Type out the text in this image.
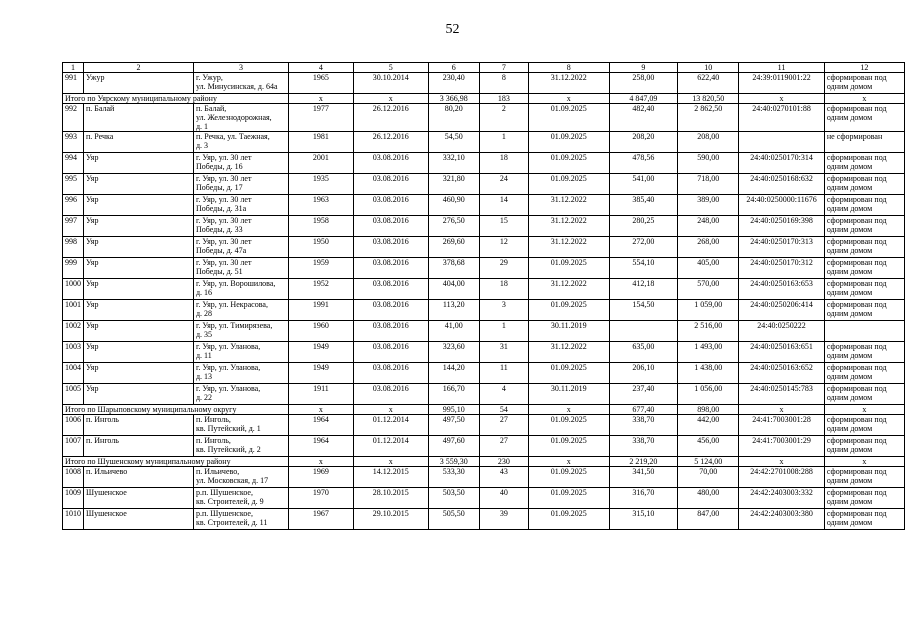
52
1	2	3	4	5	6	7	8	9	10	11	12
991	Ужур	г. Ужур,
ул. Минусинская, д. 64а	1965	30.10.2014	230,40	8	31.12.2022	258,00	622,40	24:39:0119001:22	сформирован под
одним домом
Итого по Уярскому муниципальному району			x	x	3 366,98	183	x	4 847,09	13 820,50	x	x
992	п. Балай	п. Балай,
ул. Железнодорожная,
д. 1	1977	26.12.2016	80,20	2	01.09.2025	482,40	2 862,50	24:40:0270101:88	сформирован под
одним домом
993	п. Речка	п. Речка, ул. Таежная,
д. 3	1981	26.12.2016	54,50	1	01.09.2025	208,20	208,00		не сформирован
994	Уяр	г. Уяр, ул. 30 лет
Победы, д. 16	2001	03.08.2016	332,10	18	01.09.2025	478,56	590,00	24:40:0250170:314	сформирован под
одним домом
995	Уяр	г. Уяр, ул. 30 лет
Победы, д. 17	1935	03.08.2016	321,80	24	01.09.2025	541,00	718,00	24:40:0250168:632	сформирован под
одним домом
996	Уяр	г. Уяр, ул. 30 лет
Победы, д. 31а	1963	03.08.2016	460,90	14	31.12.2022	385,40	389,00	24:40:0250000:11676	сформирован под
одним домом
997	Уяр	г. Уяр, ул. 30 лет
Победы, д. 33	1958	03.08.2016	276,50	15	31.12.2022	280,25	248,00	24:40:0250169:398	сформирован под
одним домом
998	Уяр	г. Уяр, ул. 30 лет
Победы, д. 47а	1950	03.08.2016	269,60	12	31.12.2022	272,00	268,00	24:40:0250170:313	сформирован под
одним домом
999	Уяр	г. Уяр, ул. 30 лет
Победы, д. 51	1959	03.08.2016	378,68	29	01.09.2025	554,10	405,00	24:40:0250170:312	сформирован под
одним домом
1000	Уяр	г. Уяр, ул. Ворошилова,
д. 16	1952	03.08.2016	404,00	18	31.12.2022	412,18	570,00	24:40:0250163:653	сформирован под
одним домом
1001	Уяр	г. Уяр, ул. Некрасова,
д. 28	1991	03.08.2016	113,20	3	01.09.2025	154,50	1 059,00	24:40:0250206:414	сформирован под
одним домом
1002	Уяр	г. Уяр, ул. Тимирязева,
д. 35	1960	03.08.2016	41,00	1	30.11.2019		2 516,00	24:40:0250222	
1003	Уяр	г. Уяр, ул. Уланова,
д. 11	1949	03.08.2016	323,60	31	31.12.2022	635,00	1 493,00	24:40:0250163:651	сформирован под
одним домом
1004	Уяр	г. Уяр, ул. Уланова,
д. 13	1949	03.08.2016	144,20	11	01.09.2025	206,10	1 438,00	24:40:0250163:652	сформирован под
одним домом
1005	Уяр	г. Уяр, ул. Уланова,
д. 22	1911	03.08.2016	166,70	4	30.11.2019	237,40	1 056,00	24:40:0250145:783	сформирован под
одним домом
Итого по Шарыповскому муниципальному округу			x	x	995,10	54	x	677,40	898,00	x	x
1006	п. Инголь	п. Инголь,
кв. Путейский, д. 1	1964	01.12.2014	497,50	27	01.09.2025	338,70	442,00	24:41:7003001:28	сформирован под
одним домом
1007	п. Инголь	п. Инголь,
кв. Путейский, д. 2	1964	01.12.2014	497,60	27	01.09.2025	338,70	456,00	24:41:7003001:29	сформирован под
одним домом
Итого по Шушенскому муниципальному району			x	x	3 559,30	230	x	2 219,20	5 124,00	x	x
1008	п. Ильичево	п. Ильичево,
ул. Московская, д. 17	1969	14.12.2015	533,30	43	01.09.2025	341,50	70,00	24:42:2701008:288	сформирован под
одним домом
1009	Шушенское	р.п. Шушенское,
кв. Строителей, д. 9	1970	28.10.2015	503,50	40	01.09.2025	316,70	480,00	24:42:2403003:332	сформирован под
одним домом
1010	Шушенское	р.п. Шушенское,
кв. Строителей, д. 11	1967	29.10.2015	505,50	39	01.09.2025	315,10	847,00	24:42:2403003:380	сформирован под
одним домом
